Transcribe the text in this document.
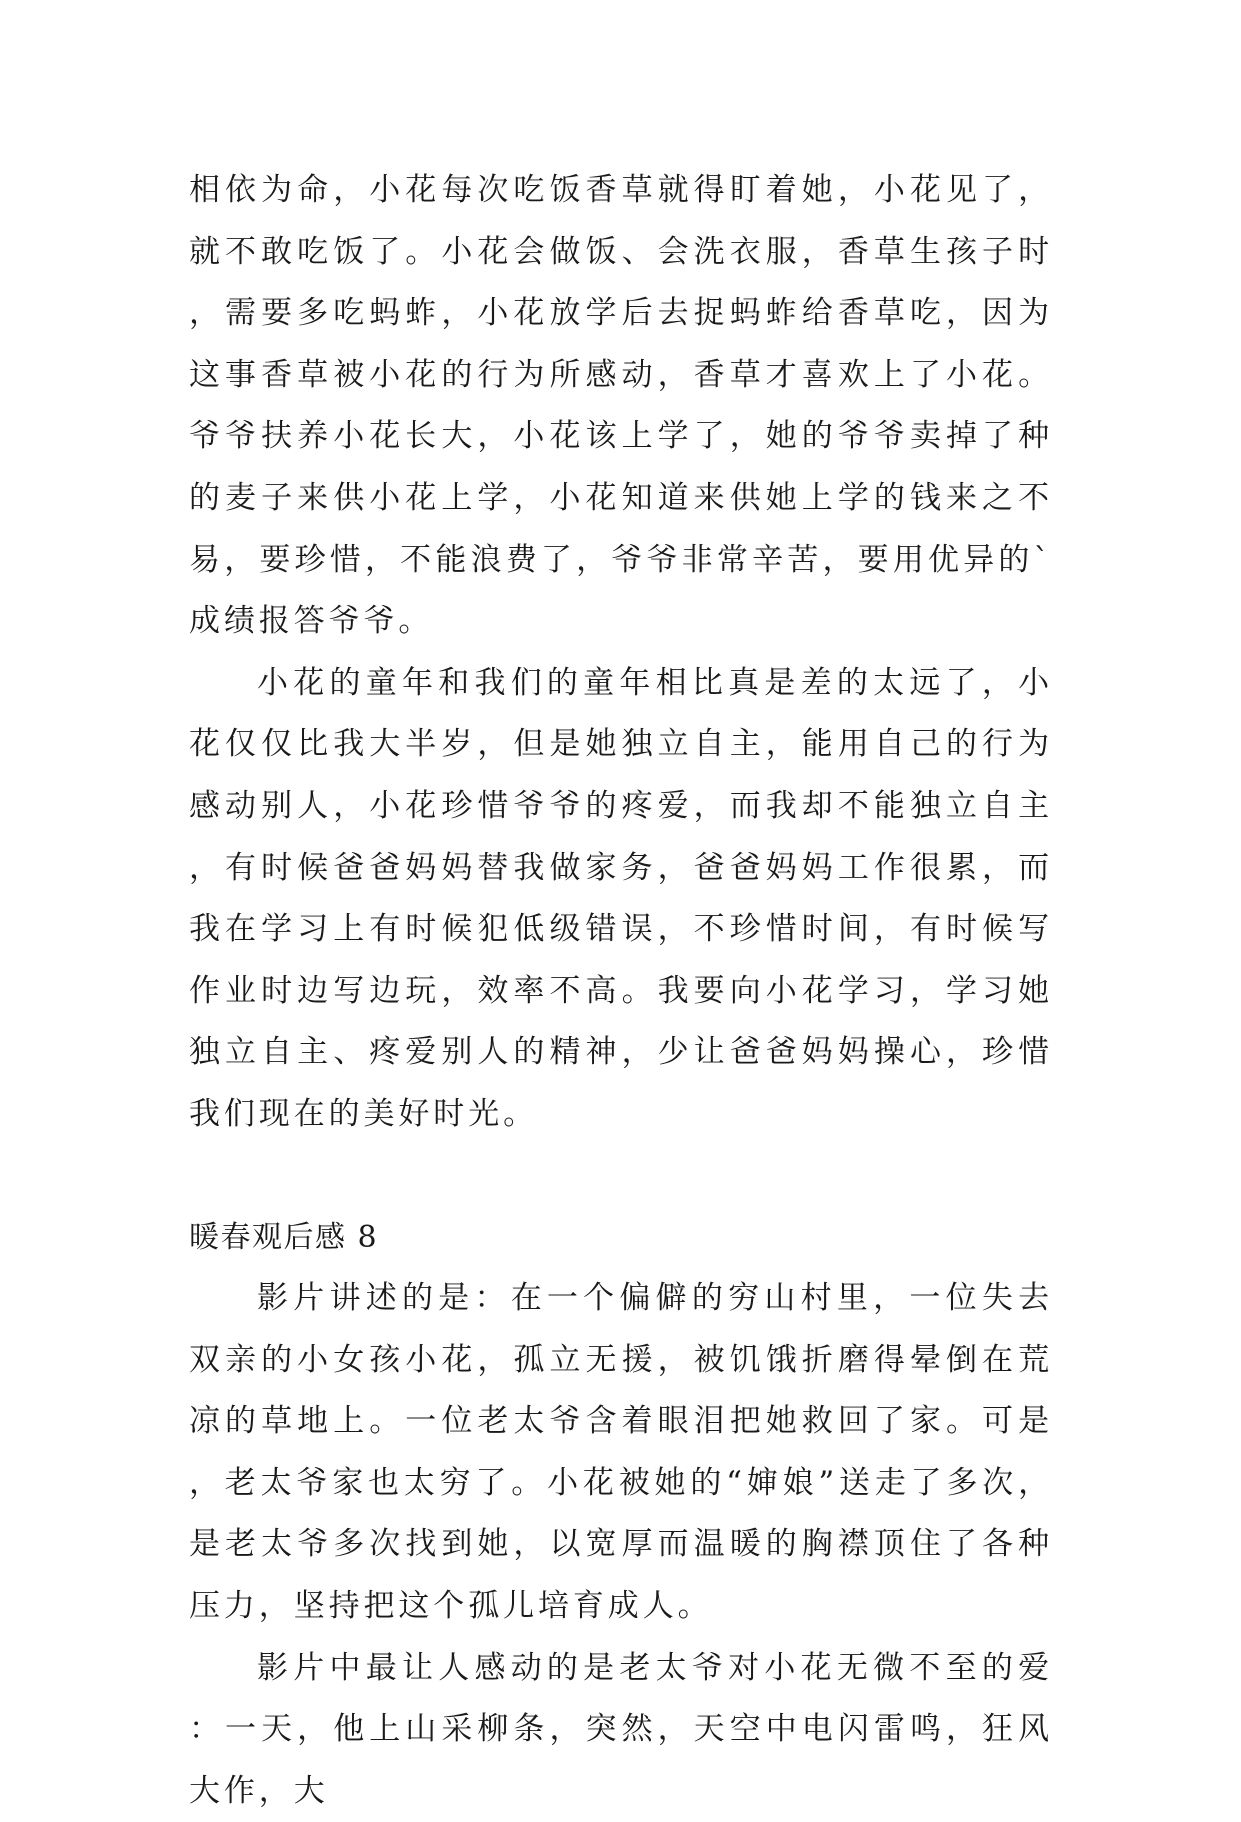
相依为命，小花每次吃饭香草就得盯着她，小花见了，就不敢吃饭了。小花会做饭、会洗衣服，香草生孩子时，需要多吃蚂蚱，小花放学后去捉蚂蚱给香草吃，因为这事香草被小花的行为所感动，香草才喜欢上了小花。爷爷扶养小花长大，小花该上学了，她的爷爷卖掉了种的麦子来供小花上学，小花知道来供她上学的钱来之不易，要珍惜，不能浪费了，爷爷非常辛苦，要用优异的`成绩报答爷爷。

小花的童年和我们的童年相比真是差的太远了，小花仅仅比我大半岁，但是她独立自主，能用自己的行为感动别人，小花珍惜爷爷的疼爱，而我却不能独立自主，有时候爸爸妈妈替我做家务，爸爸妈妈工作很累，而我在学习上有时候犯低级错误，不珍惜时间，有时候写作业时边写边玩，效率不高。我要向小花学习，学习她独立自主、疼爱别人的精神，少让爸爸妈妈操心，珍惜我们现在的美好时光。

暖春观后感 8

影片讲述的是：在一个偏僻的穷山村里，一位失去双亲的小女孩小花，孤立无援，被饥饿折磨得晕倒在荒凉的草地上。一位老太爷含着眼泪把她救回了家。可是，老太爷家也太穷了。小花被她的“婶娘”送走了多次，是老太爷多次找到她，以宽厚而温暖的胸襟顶住了各种压力，坚持把这个孤儿培育成人。

影片中最让人感动的是老太爷对小花无微不至的爱：一天，他上山采柳条，突然，天空中电闪雷鸣，狂风大作，大
